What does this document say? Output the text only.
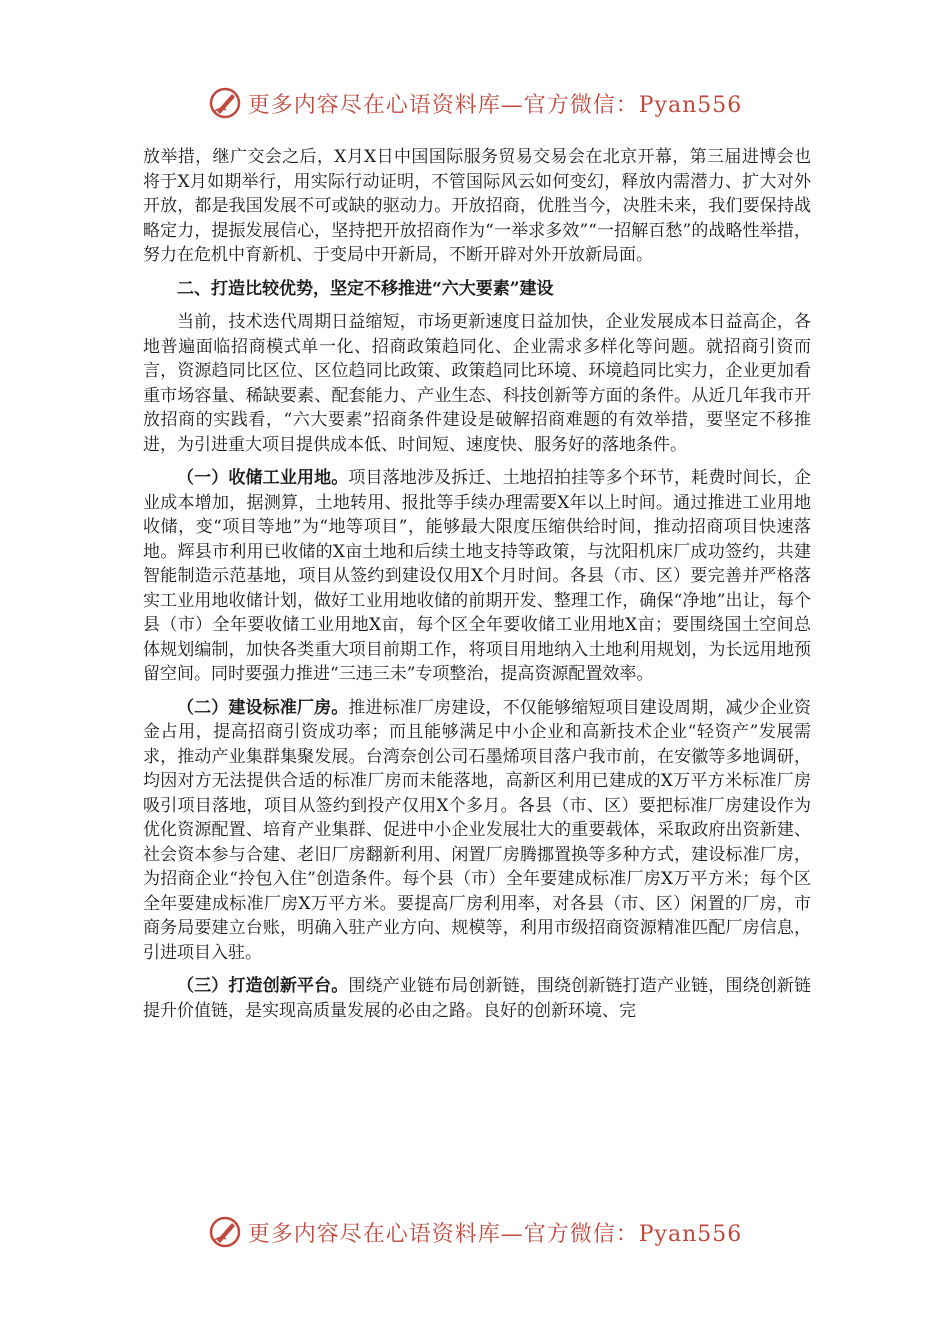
更多内容尽在心语资料库—官方微信：Pyan556

放举措，继广交会之后，X月X日中国国际服务贸易交易会在北京开幕，第三届进博会也将于X月如期举行，用实际行动证明，不管国际风云如何变幻，释放内需潜力、扩大对外开放，都是我国发展不可或缺的驱动力。开放招商，优胜当今，决胜未来，我们要保持战略定力，提振发展信心，坚持把开放招商作为“一举求多效”“一招解百愁”的战略性举措，努力在危机中育新机、于变局中开新局，不断开辟对外开放新局面。

二、打造比较优势，坚定不移推进“六大要素”建设

当前，技术迭代周期日益缩短，市场更新速度日益加快，企业发展成本日益高企，各地普遍面临招商模式单一化、招商政策趋同化、企业需求多样化等问题。就招商引资而言，资源趋同比区位、区位趋同比政策、政策趋同比环境、环境趋同比实力，企业更加看重市场容量、稀缺要素、配套能力、产业生态、科技创新等方面的条件。从近几年我市开放招商的实践看，“六大要素”招商条件建设是破解招商难题的有效举措，要坚定不移推进，为引进重大项目提供成本低、时间短、速度快、服务好的落地条件。

（一）收储工业用地。项目落地涉及拆迁、土地招拍挂等多个环节，耗费时间长，企业成本增加，据测算，土地转用、报批等手续办理需要X年以上时间。通过推进工业用地收储，变“项目等地”为“地等项目”，能够最大限度压缩供给时间，推动招商项目快速落地。辉县市利用已收储的X亩土地和后续土地支持等政策，与沈阳机床厂成功签约，共建智能制造示范基地，项目从签约到建设仅用X个月时间。各县（市、区）要完善并严格落实工业用地收储计划，做好工业用地收储的前期开发、整理工作，确保“净地”出让，每个县（市）全年要收储工业用地X亩，每个区全年要收储工业用地X亩；要围绕国土空间总体规划编制，加快各类重大项目前期工作，将项目用地纳入土地利用规划，为长远用地预留空间。同时要强力推进“三违三未”专项整治，提高资源配置效率。

（二）建设标准厂房。推进标准厂房建设，不仅能够缩短项目建设周期，减少企业资金占用，提高招商引资成功率；而且能够满足中小企业和高新技术企业“轻资产”发展需求，推动产业集群集聚发展。台湾奈创公司石墨烯项目落户我市前，在安徽等多地调研，均因对方无法提供合适的标准厂房而未能落地，高新区利用已建成的X万平方米标准厂房吸引项目落地，项目从签约到投产仅用X个多月。各县（市、区）要把标准厂房建设作为优化资源配置、培育产业集群、促进中小企业发展壮大的重要载体，采取政府出资新建、社会资本参与合建、老旧厂房翻新利用、闲置厂房腾挪置换等多种方式，建设标准厂房，为招商企业“拎包入住”创造条件。每个县（市）全年要建成标准厂房X万平方米；每个区全年要建成标准厂房X万平方米。要提高厂房利用率，对各县（市、区）闲置的厂房，市商务局要建立台账，明确入驻产业方向、规模等，利用市级招商资源精准匹配厂房信息，引进项目入驻。

（三）打造创新平台。围绕产业链布局创新链，围绕创新链打造产业链，围绕创新链提升价值链，是实现高质量发展的必由之路。良好的创新环境、完

更多内容尽在心语资料库—官方微信：Pyan556
